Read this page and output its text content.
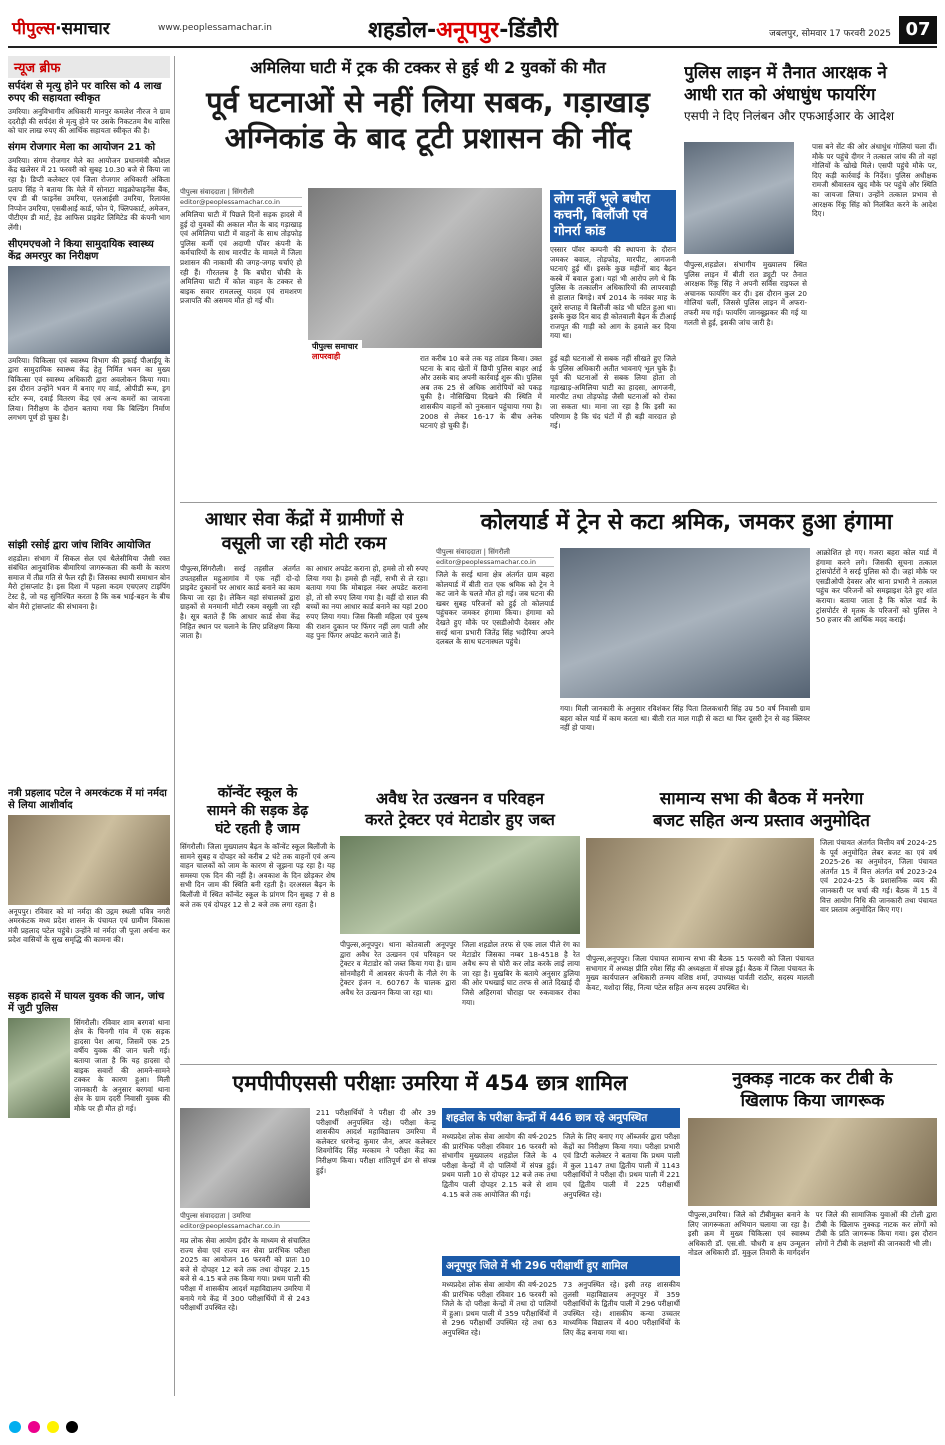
पीपुल्स·समाचार	www.peoplessamachar.in	शहडोल-अनूपपुर-डिंडौरी	जबलपुर, सोमवार 17 फरवरी 2025 07
न्यूज ब्रीफ
सर्पदंश से मृत्यु होने पर वारिस को 4 लाख रुपए की सहायता स्वीकृत
उमरिया। अनुविभागीय अधिकारी मानपुर कमलेश नीरज ने ग्राम ददरौड़ी की सर्पदंश से मृत्यु होने पर उसके निकटतम वैध वारिस को चार लाख रुपए की आर्थिक सहायता स्वीकृत की है।
संगम रोजगार मेला का आयोजन 21 को
उमरिया। संगम रोजगार मेले का आयोजन प्रधानमंत्री कौशल केंद्र खलेसर में 21 फरवरी को सुबह 10.30 बजे से किया जा रहा है। डिप्टी कलेक्टर एवं जिला रोजगार अधिकारी अंकिता प्रताप सिंह ने बताया कि मेले में सोनाटा माइक्रोफाइनेंस बैंक, एच डी बी फाइनेंस उमरिया, एलआईसी उमरिया, रिलायंस निप्पोन उमरिया, एसबीआई कार्ड, फोन पे, फ्लिपकार्ट, अमेजन, पीटीएम डी मार्ट, हेड आफिस प्राइवेट लिमिटेड की कंपनी भाग लेंगी।
सीएमएचओ ने किया सामुदायिक स्वास्थ्य केंद्र अमरपुर का निरीक्षण
उमरिया। चिकित्सा एवं स्वास्थ्य विभाग की इकाई पीआईयू के द्वारा सामुदायिक स्वास्थ्य केंद्र हेतु निर्मित भवन का मुख्य चिकित्सा एवं स्वास्थ्य अधिकारी द्वारा अवलोकन किया गया। इस दौरान उन्होंने भवन में बनाए गए वार्ड, ओपीडी रूम, ड्रग स्टोर रूम, दवाई वितरण केंद्र एवं अन्य कमरों का जायजा लिया। निरीक्षण के दौरान बताया गया कि बिल्डिंग निर्माण लगभग पूर्ण हो चुका है।
सांझी रसोई द्वारा जांच शिविर आयोजित
शहडोल। संभाग में सिकल सेल एवं थैलेसीमिया जैसी रक्त संबंधित आनुवांशिक बीमारियां जागरूकता की कमी के कारण समाज में तीव्र गति से फैल रही हैं। जिसका स्थायी समाधान बोन मैरो ट्रांसप्लांट है। इस दिशा में पहला कदम एचएलए टाइपिंग टेस्ट है, जो यह सुनिश्चित करता है कि कब भाई-बहन के बीच बोन मैरो ट्रांसप्लांट की संभावना है।
नत्री प्रहलाद पटेल ने अमरकंटक में मां नर्मदा से लिया आशीर्वाद
अनूपपुर। रविवार को मां नर्मदा की उद्गम स्थली पवित्र नगरी अमरकंटक मध्य प्रदेश शासन के पंचायत एवं ग्रामीण विकास मंत्री प्रहलाद पटेल पहुंचे। उन्होंने मां नर्मदा जी पूजा अर्चना कर प्रदेश वासियों के सुख समृद्धि की कामना की।
सड़क हादसे में घायल युवक की जान, जांच में जुटी पुलिस
सिंगरौली। रविवार शाम बरगवां थाना क्षेत्र के चिनगी गांव में एक सड़क हादसा पेश आया, जिसमें एक 25 वर्षीय युवक की जान चली गई। बताया जाता है कि यह हादसा दो बाइक सवारों की आमने-सामने टक्कर के कारण हुआ। मिली जानकारी के अनुसार बरगवां थाना क्षेत्र के ग्राम ददरी निवासी युवक की मौके पर ही मौत हो गई।
अमिलिया घाटी में ट्रक की टक्कर से हुई थी 2 युवकों की मौत
पूर्व घटनाओं से नहीं लिया सबक, गड़ाखाड़
अग्निकांड के बाद टूटी प्रशासन की नींद
पीपुल्स संवाददाता | सिंगरौली
editor@peoplessamachar.co.in
अमिलिया घाटी में पिछले दिनों सड़क हादसे में हुई दो युवकों की अकाल मौत के बाद गड़ाखाड़ एवं अमिलिया घाटी में वाहनों के साथ तोड़फोड़ पुलिस कर्मी एवं अदाणी पॉवर कंपनी के कर्मचारियों के साथ मारपीट के मामले में जिला प्रशासन की नाकामी की जगह-जगह चर्चाएं हो रही हैं। गौरतलब है कि बघौरा चौकी के अमिलिया घाटी में कोल वाहन के टक्कर से बाइक सवार रामलल्लू यादव एवं रामशरण प्रजापति की असमय मौत हो गई थी।
पीपुल्स समाचार
लापरवाही	रात करीब 10 बजे तक यह तांडव किया। उक्त घटना के बाद खेतों में छिपी पुलिस बाहर आई और उसके बाद अपनी कार्रवाई शुरू की। पुलिस अब तक 25 से अधिक आरोपियों को पकड़ चुकी है। नौसिखिया दिखने की स्थिति में शासकीय वाहनों को नुकसान पहुंचाया गया है। 2008 से लेकर 16-17 के बीच अनेक घटनाएं हो चुकी हैं।
हुई बड़ी घटनाओं से सबक नहीं सीखते हुए जिले के पुलिस अधिकारी अतीत भावनाएं भूल चुके हैं। पूर्व की घटनाओं से सबक लिया होता तो गड़ाखाड़-अमिलिया घाटी का हादसा, आगजनी, मारपीट तथा तोड़फोड़ जैसी घटनाओं को रोका जा सकता था। माना जा रहा है कि इसी का परिणाम है कि चंद घंटों में ही बड़ी वारदात हो गई।
लोग नहीं भूले बधौरा कचनी, बिलौंजी एवं गोनर्रा कांड
एस्सार पॉवर कम्पनी की स्थापना के दौरान जमकर बवाल, तोड़फोड़, मारपीट, आगजनी घटनाएं हुई थीं। इसके कुछ महीनों बाद बैढ़न कस्बे में बवाल हुआ। यहां भी आरोप लगे थे कि पुलिस के तत्कालीन अधिकारियों की लापरवाही से हालात बिगड़े। वर्ष 2014 के नवंबर माह के दूसरे सप्ताह में बिलौंजी कांड भी घटित हुआ था। इसके कुछ दिन बाद ही कोतवाली बैढ़न के टीआई राजपूत की गाड़ी को आग के हवाले कर दिया गया था।
पुलिस लाइन में तैनात आरक्षक ने
आधी रात को अंधाधुंध फायरिंग
एसपी ने दिए निलंबन और एफआईआर के आदेश
पीपुल्स,शहडोल। संभागीय मुख्यालय स्थित पुलिस लाइन में बीती रात ड्यूटी पर तैनात आरक्षक रिंकू सिंह ने अपनी सर्विस राइफल से अचानक फायरिंग कर दी। इस दौरान कुल 20 गोलियां चलीं, जिससे पुलिस लाइन में अफरा-तफरी मच गई। फायरिंग जानबूझकर की गई या गलती से हुई, इसकी जांच जारी है।
पास बने सेंट की ओर अंधाधुंध गोलियां चला दीं। मौके पर पहुंचे दीगर ने तत्काल जांच की तो वहां गोलियों के खोखे मिले। एसपी पहुंचे मौके पर, दिए कड़ी कार्रवाई के निर्देश। पुलिस अधीक्षक रामजी श्रीवास्तव खुद मौके पर पहुंचे और स्थिति का जायजा लिया। उन्होंने तत्काल प्रभाव से आरक्षक रिंकू सिंह को निलंबित करने के आदेश दिए।
आधार सेवा केंद्रों में ग्रामीणों से
वसूली जा रही मोटी रकम
पीपुल्स,सिंगरौली। सरई तहसील अंतर्गत उपतहसील महुआगांव में एक नहीं दो-दो प्राइवेट दुकानों पर आधार कार्ड बनाने का काम किया जा रहा है। लेकिन वहां संचालकों द्वारा ग्राहकों से मनमानी मोटी रकम वसूली जा रही है। सूत्र बताते हैं कि आधार कार्ड सेवा केंद्र निहित स्थान पर चलाने के लिए प्रशिक्षण किया जाता है।
का आधार अपडेट कराना हो, हमसे तो सौ रुपए लिया गया है। हमसे ही नहीं, सभी से ले रहा। बताया गया कि मोबाइल नंबर अपडेट कराना हो, तो सौ रुपए लिया गया है। वहीं दो साल की बच्चों का नया आधार कार्ड बनाने का यहां 200 रुपए लिया गया। जिस किसी महिला एवं पुरुष की राशन दुकान पर फिंगर नहीं लग पाती और वह पुनः फिंगर अपडेट कराने जाते हैं।
कॉन्वेंट स्कूल के
सामने की सड़क डेढ़
घंटे रहती है जाम
सिंगरौली। जिला मुख्यालय बैढ़न के कॉन्वेंट स्कूल बिलौंजी के सामने सुबह व दोपहर को करीब 2 घंटे तक वाहनों एवं अन्य वाहन चालकों को जाम के कारण से जूझना पड़ रहा है। यह समस्या एक दिन की नहीं है। अवकाश के दिन छोड़कर शेष सभी दिन जाम की स्थिति बनी रहती है। दरअसल बैढ़न के बिलौंजी में स्थित कॉन्वेंट स्कूल के प्रांगण दिन सुबह 7 से 8 बजे तक एवं दोपहर 12 से 2 बजे तक लगा रहता है।
कोलयार्ड में ट्रेन से कटा श्रमिक, जमकर हुआ हंगामा
पीपुल्स संवाददाता | सिंगरौली
editor@peoplessamachar.co.in
जिले के सरई थाना क्षेत्र अंतर्गत ग्राम बहरा कोलयार्ड में बीती रात एक श्रमिक को ट्रेन ने कट जाने के चलते मौत हो गई। जब घटना की खबर सुबह परिजनों को हुई तो कोलयार्ड पहुंचकर जमकर हंगामा किया। हंगामा को देखते हुए मौके पर एसडीओपी देवसर और सरई थाना प्रभारी जितेंद्र सिंह भदौरिया अपने दलबल के साथ घटनास्थल पहुंचे।
गया। मिली जानकारी के अनुसार रविशंकर सिंह पिता तिलकधारी सिंह उम्र 50 वर्ष निवासी ग्राम बहरा कोल यार्ड में काम करता था। बीती रात माल गाड़ी से कटा था फिर दूसरी ट्रेन से वह क्लियर नहीं हो पाया।
आक्रोशित हो गए। गजरा बहरा कोल यार्ड में हंगामा करने लगे। जिसकी सूचना तत्काल ट्रांसपोर्टरों ने सरई पुलिस को दी। जहां मौके पर एसडीओपी देवसर और थाना प्रभारी ने तत्काल पहुंच कर परिजनों को समझाइश देते हुए शांत कराया। बताया जाता है कि कोल यार्ड के ट्रांसपोर्टर से मृतक के परिजनों को पुलिस ने 50 हजार की आर्थिक मदद कराई।
अवैध रेत उत्खनन व परिवहन
करते ट्रेक्टर एवं मेटाडोर हुए जब्त
पीपुल्स,अनूपपुर। थाना कोतवाली अनूपपुर द्वारा अवैध रेत उत्खनन एवं परिवहन पर ट्रेक्टर व मेटाडोर को जब्त किया गया है। ग्राम सोनमौहरी में आवसर कंपनी के नीले रंग के ट्रेक्टर इंजन न. 60767 के चालक द्वारा अवैध रेत उत्खनन किया जा रहा था।
जिला शहडोल तरफ से एक लाल पीले रंग का मेटाडोर जिसका नम्बर 18-4518 है रेत अवैध रूप से चोरी कर लोड करके लाई लाया जा रहा है। मुखबिर के बताये अनुसार डुलिया की ओर पथखाई घाट तरफ से आते दिखाई दी जिसे अहिरगवां चौराहा पर रुकवाकर रोका गया।
सामान्य सभा की बैठक में मनरेगा
बजट सहित अन्य प्रस्ताव अनुमोदित
पीपुल्स,अनूपपुर। जिला पंचायत सामान्य सभा की बैठक 15 फरवरी को जिला पंचायत सभागार में अध्यक्ष प्रीति रमेश सिंह की अध्यक्षता में संपन्न हुई। बैठक में जिला पंचायत के मुख्य कार्यपालन अधिकारी तन्मय वशिष्ठ शर्मा, उपाध्यक्ष पार्वती राठौर, सदस्य मालती केवट, यशोदा सिंह, नित्या पटेल सहित अन्य सदस्य उपस्थित थे।
जिला पंचायत अंतर्गत वित्तीय वर्ष 2024-25 के पूर्व अनुमोदित लेबर बजट का एवं वर्ष 2025-26 का अनुमोदन, जिला पंचायत अंतर्गत 15 वें वित्त अंतर्गत वर्ष 2023-24 एवं 2024-25 के प्रशासनिक व्यय की जानकारी पर चर्चा की गई। बैठक में 15 वें वित्त आयोग निधि की जानकारी तथा पंचायत वार प्रस्ताव अनुमोदित किए गए।
एमपीपीएससी परीक्षाः उमरिया में 454 छात्र शामिल
पीपुल्स संवाददाता | उमरिया
editor@peoplessamachar.co.in
मप्र लोक सेवा आयोग इंदौर के माध्यम से संचालित राज्य सेवा एवं राज्य वन सेवा प्रारंभिक परीक्षा 2025 का आयोजन 16 फरवरी को प्रातः 10 बजे से दोपहर 12 बजे तक तथा दोपहर 2.15 बजे से 4.15 बजे तक किया गया। प्रथम पाली की परीक्षा में शासकीय आदर्श महाविद्यालय उमरिया में बनाये गये केंद्र में 300 परीक्षार्थियों में से 243 परीक्षार्थी उपस्थित रहे।
211 परीक्षार्थियों ने परीक्षा दी और 39 परीक्षार्थी अनुपस्थित रहे। परीक्षा केन्द्र शासकीय आदर्श महाविद्यालय उमरिया में कलेक्टर धरणेन्द्र कुमार जैन, अपर कलेक्टर शिवगोविंद सिंह मरकाम ने परीक्षा केंद्र का निरीक्षण किया। परीक्षा शांतिपूर्ण ढंग से संपन्न हुई।
शहडोल के परीक्षा केन्द्रों में 446 छात्र रहे अनुपस्थित
मध्यप्रदेश लोक सेवा आयोग की वर्ष-2025 की प्रारंभिक परीक्षा रविवार 16 फरवरी को संभागीय मुख्यालय शहडोल जिले के 4 परीक्षा केन्द्रों में दो पालियों में संपन्न हुई। प्रथम पाली 10 से दोपहर 12 बजे तक तथा द्वितीय पाली दोपहर 2.15 बजे से शाम 4.15 बजे तक आयोजित की गई।
जिले के लिए बनाए गए ऑब्जर्वर द्वारा परीक्षा केंद्रों का निरीक्षण किया गया। परीक्षा प्रभारी एवं डिप्टी कलेक्टर ने बताया कि प्रथम पाली में कुल 1147 तथा द्वितीय पाली में 1143 परीक्षार्थियों ने परीक्षा दी। प्रथम पाली में 221 एवं द्वितीय पाली में 225 परीक्षार्थी अनुपस्थित रहे।
अनूपपुर जिले में भी 296 परीक्षार्थी हुए शामिल
मध्यप्रदेश लोक सेवा आयोग की वर्ष-2025 की प्रारंभिक परीक्षा रविवार 16 फरवरी को जिले के दो परीक्षा केन्द्रों में तथा दो पालियों में हुआ। प्रथम पाली में 359 परीक्षार्थियों में से 296 परीक्षार्थी उपस्थित रहे तथा 63 अनुपस्थित रहे।
73 अनुपस्थित रहे। इसी तरह शासकीय तुलसी महाविद्यालय अनूपपुर में 359 परीक्षार्थियों के द्वितीय पाली में 296 परीक्षार्थी उपस्थित रहे। शासकीय कन्या उच्चतर माध्यमिक विद्यालय में 400 परीक्षार्थियों के लिए केंद्र बनाया गया था।
नुक्कड़ नाटक कर टीबी के
खिलाफ किया जागरूक
पीपुल्स,उमरिया। जिले को टीबीमुक्त बनाने के लिए जागरूकता अभियान चलाया जा रहा है। इसी क्रम में मुख्य चिकित्सा एवं स्वास्थ्य अधिकारी डॉ. एस.सी. चौधरी व क्षय उन्मूलन नोडल अधिकारी डॉ. मुकुल तिवारी के मार्गदर्शन पर जिले की सामाजिक युवाओं की टोली द्वारा टीबी के खिलाफ नुक्कड़ नाटक कर लोगों को टीबी के प्रति जागरूक किया गया। इस दौरान लोगों ने टीबी के लक्षणों की जानकारी भी ली।
